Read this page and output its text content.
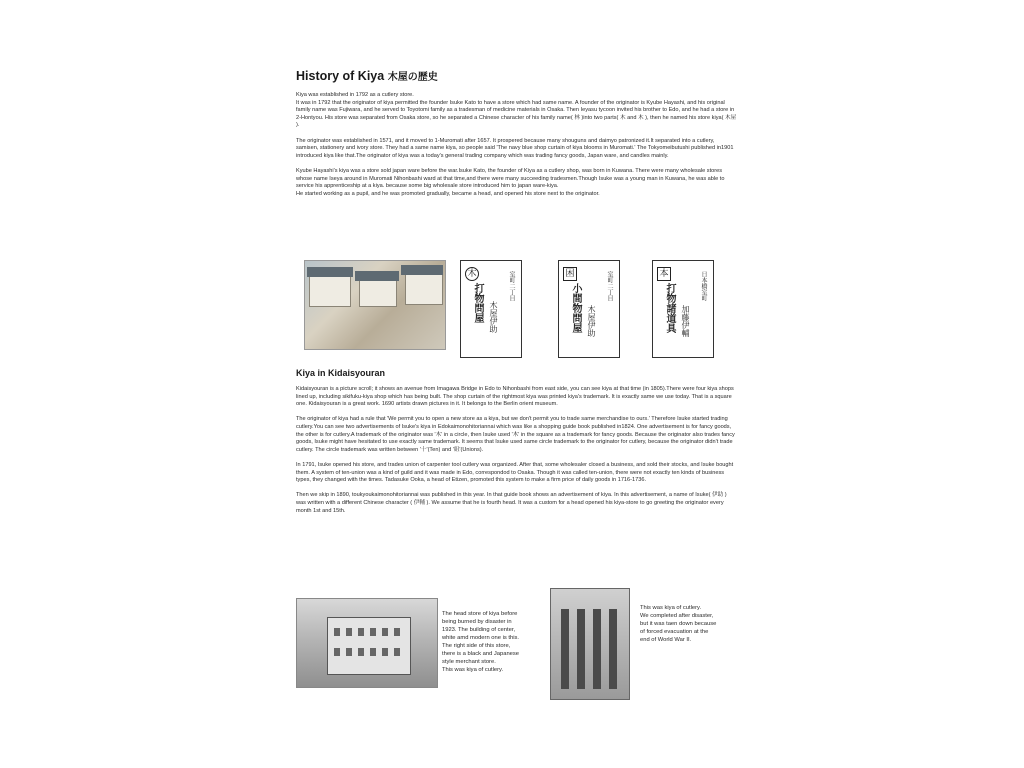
History of Kiya 木屋の歴史
Kiya was established in 1792 as a cutlery store.

It was in 1792 that the originator of kiya permitted the founder Isuke Kato to have a store which had same name. A founder of the originator is Kyube Hayashi, and his original family name was Fujiwara, and he served to Toyotomi family as a tradesman of medicine materials in Osaka. Then Ieyasu tycoon invited his brother to Edo, and he had a store in 2-Hontyou. His store was separated from Osaka store, so he separated a Chinese character of his family name( 林 )into two parts( 木 and 木 ), then he named his store kiya( 木屋 ).

The originator was established in 1571, and it moved to 1-Muromati after 1657. It prospered because many shouguns and daimyo patronized it.It separated into a cutlery, samisen, stationery and ivory store. They had a same name kiya, so people said 'The navy blue shop curtain of kiya blooms in Muromati.' The Tokyomeibutushi published in1901 introduced kiya like that.The originator of kiya was a today's general trading company which was trading fancy goods, Japan ware, and candles mainly.

Kyube Hayashi's kiya was a store sold japan ware before the war.Isuke Kato, the founder of Kiya as a cutlery shop, was born in Kuwana. There were many wholesale stores whose name Iseya around in Muromati Nihonbashi ward at that time,and there were many succeeding tradesmen.Though Isuke was a young man in Kuwana, he was able to service his apprenticeship at a kiya. because some big wholesale store introduced him to japan ware-kiya.
He started working as a pupil, and he was promoted gradually, became a head, and opened his store next to the originator.
木
打物問屋 木屋伊助
室町二丁目	困
小間物問屋 木屋伊助
室町二丁目	本
打物諸道具 加藤伊輔
日本橋室町
Kiya in Kidaisyouran

Kidaisyouran is a picture scroll; it shows an avenue from Imagawa Bridge in Edo to Nihonbashi from east side, you can see kiya at that time (in 1805).There were four kiya shops lined up, including sikifuku-kiya shop which has being built. The shop curtain of the rightmost kiya was printed kiya's trademark. It is exactly same we use today. That is a square one. Kidaisyouran is a great work. 1690 artists drawn pictures in it. It belongs to the Berlin orient museum.

The originator of kiya had a rule that 'We permit you to open a new store as a kiya, but we don't permit you to trade same merchandise to ours.' Therefore Isuke started trading cutlery.You can see two advertisements of Isuke's kiya in Edokaimonohitoriannai which was like a shopping guide book published in1824. One advertisement is for fancy goods, the other is for cutlery.A trademark of the originator was '木' in a circle, then Isuke used '木' in the square as a trademark for fancy goods. Because the originator also trades fancy goods, Isuke might have hesitated to use exactly same trademark. It seems that Isuke used same circle trademark to the originator for cutlery, because the originator didn't trade cutlery. The circle trademark was written between '十'(Ten) and '組'(Unions).

In 1791, Isuke opened his store, and trades union of carpenter tool cutlery was organized. After that, some wholesaler closed a business, and sold their stocks, and Isuke bought them. A system of ten-union was a kind of guild and it was made in Edo, correspondod to Osaka. Though it was called ten-union, there were not exactly ten kinds of business types, they changed with the times. Tadasuke Ooka, a head of Etizen, promoted this system to make a firm price of daily goods in 1716-1736.

Then we skip in 1890, toukyoukaimonohitoriannai was published in this year. In that guide book shows an advertisement of kiya. In this advertisement, a name of Isuke( 伊助 ) was written with a different Chinese character ( 伊輔 ). We assume that he is fourth head. It was a custom for a head opened his kiya-store to go greeting the originator every month 1st and 15th.

The head store of kiya before

being burned by disaster in

1923. The building of center,

white amd modern one is this.

The right side of this store,

there is a black and Japanese

style merchant store.

This was kiya of cutlery.

This was kiya of cutlery.

We completed after disaster,

but it was taen down because

of forced evacuation at the

end of World War II.
